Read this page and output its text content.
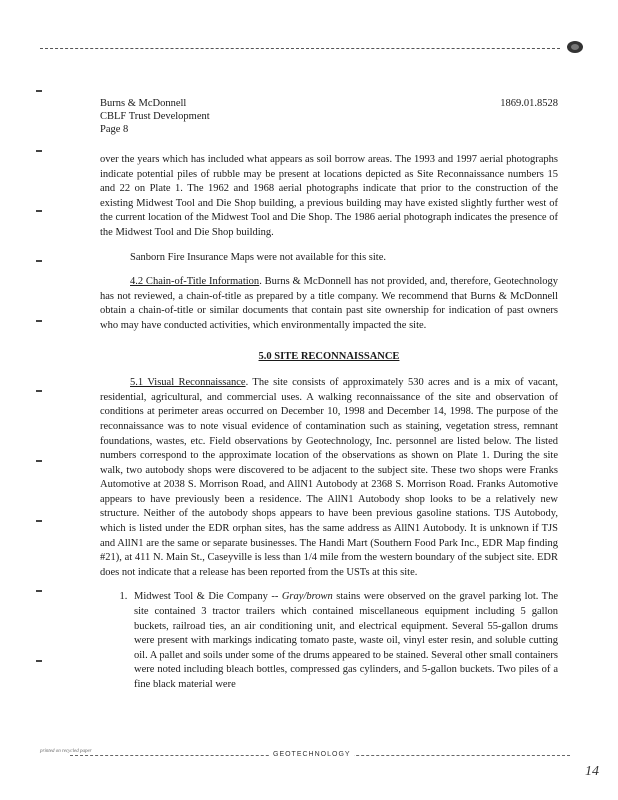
Burns & McDonnell
CBLF Trust Development
Page 8
1869.01.8528

over the years which has included what appears as soil borrow areas. The 1993 and 1997 aerial photographs indicate potential piles of rubble may be present at locations depicted as Site Reconnaissance numbers 15 and 22 on Plate 1. The 1962 and 1968 aerial photographs indicate that prior to the construction of the existing Midwest Tool and Die Shop building, a previous building may have existed slightly further west of the current location of the Midwest Tool and Die Shop. The 1986 aerial photograph indicates the presence of the Midwest Tool and Die Shop building.

Sanborn Fire Insurance Maps were not available for this site.

4.2 Chain-of-Title Information. Burns & McDonnell has not provided, and, therefore, Geotechnology has not reviewed, a chain-of-title as prepared by a title company. We recommend that Burns & McDonnell obtain a chain-of-title or similar documents that contain past site ownership for indication of past owners who may have conducted activities, which environmentally impacted the site.

5.0 SITE RECONNAISSANCE

5.1 Visual Reconnaissance. The site consists of approximately 530 acres and is a mix of vacant, residential, agricultural, and commercial uses. A walking reconnaissance of the site and observation of conditions at perimeter areas occurred on December 10, 1998 and December 14, 1998. The purpose of the reconnaissance was to note visual evidence of contamination such as staining, vegetation stress, remnant foundations, wastes, etc. Field observations by Geotechnology, Inc. personnel are listed below. The listed numbers correspond to the approximate location of the observations as shown on Plate 1. During the site walk, two autobody shops were discovered to be adjacent to the subject site. These two shops were Franks Automotive at 2038 S. Morrison Road, and AllN1 Autobody at 2368 S. Morrison Road. Franks Automotive appears to have previously been a residence. The AllN1 Autobody shop looks to be a relatively new structure. Neither of the autobody shops appears to have been previous gasoline stations. TJS Autobody, which is listed under the EDR orphan sites, has the same address as AllN1 Autobody. It is unknown if TJS and AllN1 are the same or separate businesses. The Handi Mart (Southern Food Park Inc., EDR Map finding #21), at 411 N. Main St., Caseyville is less than 1/4 mile from the western boundary of the subject site. EDR does not indicate that a release has been reported from the USTs at this site.

1. Midwest Tool & Die Company -- Gray/brown stains were observed on the gravel parking lot. The site contained 3 tractor trailers which contained miscellaneous equipment including 5 gallon buckets, railroad ties, an air conditioning unit, and electrical equipment. Several 55-gallon drums were present with markings indicating tomato paste, waste oil, vinyl ester resin, and soluble cutting oil. A pallet and soils under some of the drums appeared to be stained. Several other small containers were noted including bleach bottles, compressed gas cylinders, and 5-gallon buckets. Two piles of a fine black material were
printed on recycled paper	GEOTECHNOLOGY
14
